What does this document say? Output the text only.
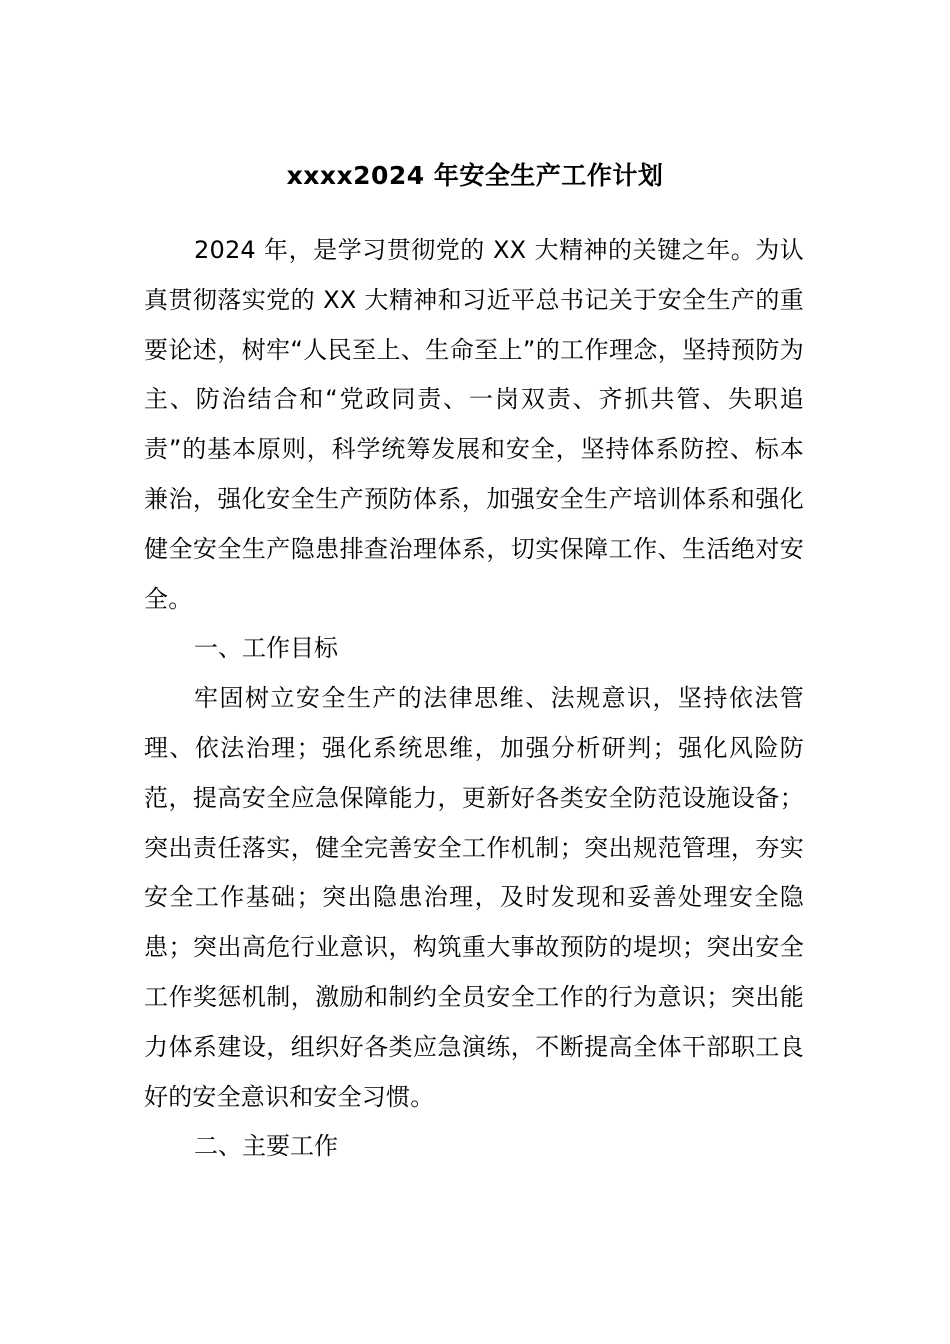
xxxx2024 年安全生产工作计划

2024 年，是学习贯彻党的 XX 大精神的关键之年。为认真贯彻落实党的 XX 大精神和习近平总书记关于安全生产的重要论述，树牢“人民至上、生命至上”的工作理念，坚持预防为主、防治结合和“党政同责、一岗双责、齐抓共管、失职追责”的基本原则，科学统筹发展和安全，坚持体系防控、标本兼治，强化安全生产预防体系，加强安全生产培训体系和强化健全安全生产隐患排查治理体系，切实保障工作、生活绝对安全。

一、工作目标

牢固树立安全生产的法律思维、法规意识，坚持依法管理、依法治理；强化系统思维，加强分析研判；强化风险防范，提高安全应急保障能力，更新好各类安全防范设施设备；突出责任落实，健全完善安全工作机制；突出规范管理，夯实安全工作基础；突出隐患治理，及时发现和妥善处理安全隐患；突出高危行业意识，构筑重大事故预防的堤坝；突出安全工作奖惩机制，激励和制约全员安全工作的行为意识；突出能力体系建设，组织好各类应急演练，不断提高全体干部职工良好的安全意识和安全习惯。

二、主要工作
